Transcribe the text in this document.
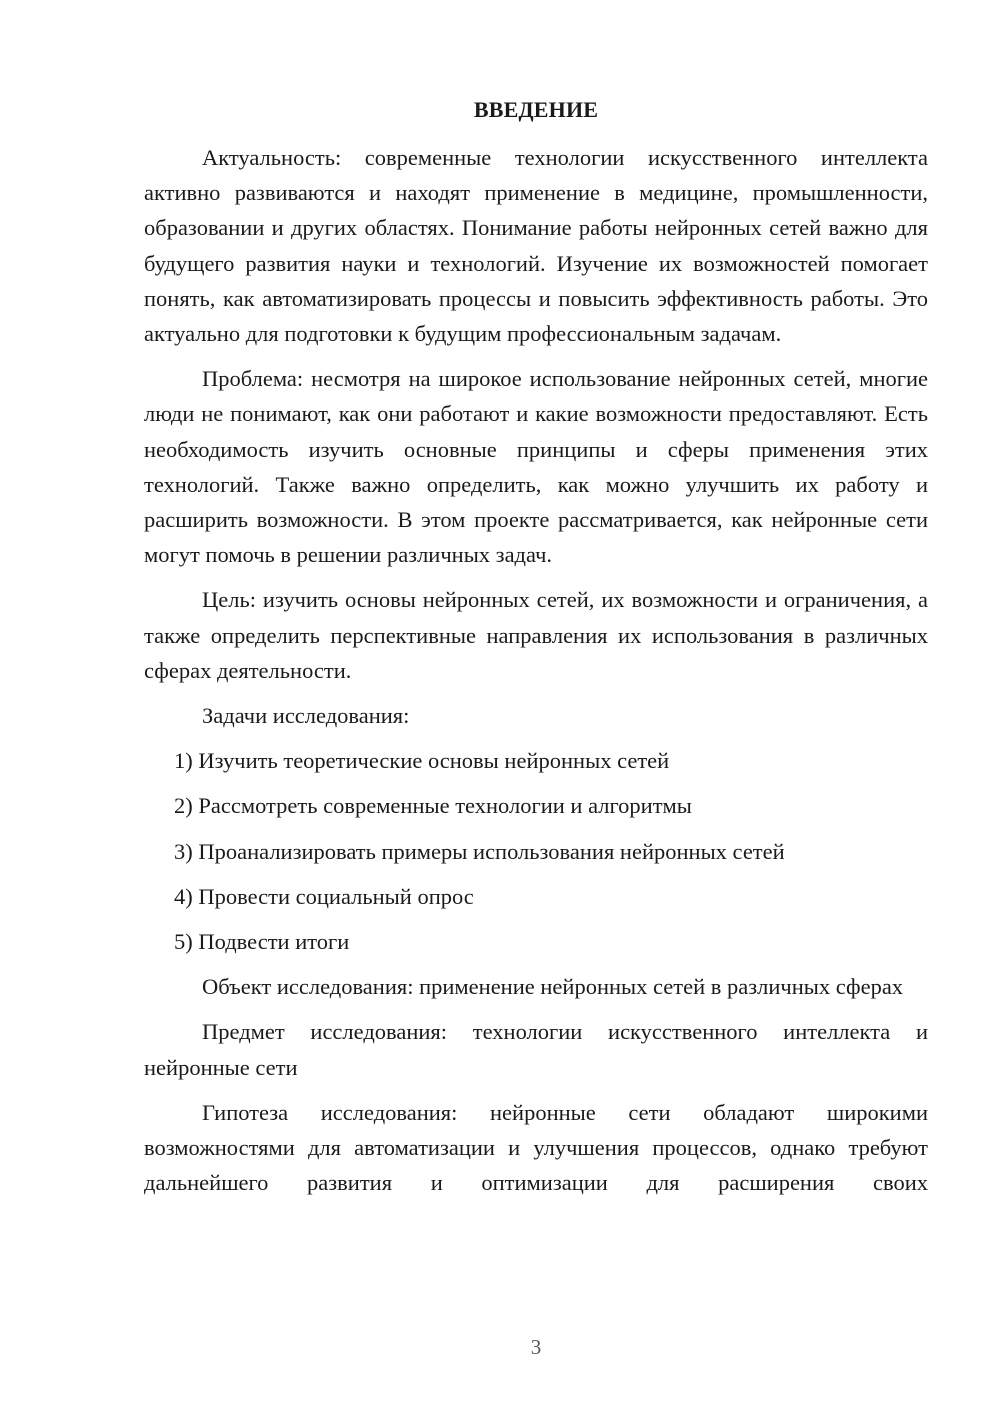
ВВЕДЕНИЕ

Актуальность: современные технологии искусственного интеллекта активно развиваются и находят применение в медицине, промышленности, образовании и других областях. Понимание работы нейронных сетей важно для будущего развития науки и технологий. Изучение их возможностей помогает понять, как автоматизировать процессы и повысить эффективность работы. Это актуально для подготовки к будущим профессиональным задачам.

Проблема: несмотря на широкое использование нейронных сетей, многие люди не понимают, как они работают и какие возможности предоставляют. Есть необходимость изучить основные принципы и сферы применения этих технологий. Также важно определить, как можно улучшить их работу и расширить возможности. В этом проекте рассматривается, как нейронные сети могут помочь в решении различных задач.

Цель: изучить основы нейронных сетей, их возможности и ограничения, а также определить перспективные направления их использования в различных сферах деятельности.

Задачи исследования:

1) Изучить теоретические основы нейронных сетей
2) Рассмотреть современные технологии и алгоритмы
3) Проанализировать примеры использования нейронных сетей
4) Провести социальный опрос
5) Подвести итоги

Объект исследования: применение нейронных сетей в различных сферах

Предмет исследования: технологии искусственного интеллекта и нейронные сети

Гипотеза исследования: нейронные сети обладают широкими возможностями для автоматизации и улучшения процессов, однако требуют дальнейшего развития и оптимизации для расширения своих

3
